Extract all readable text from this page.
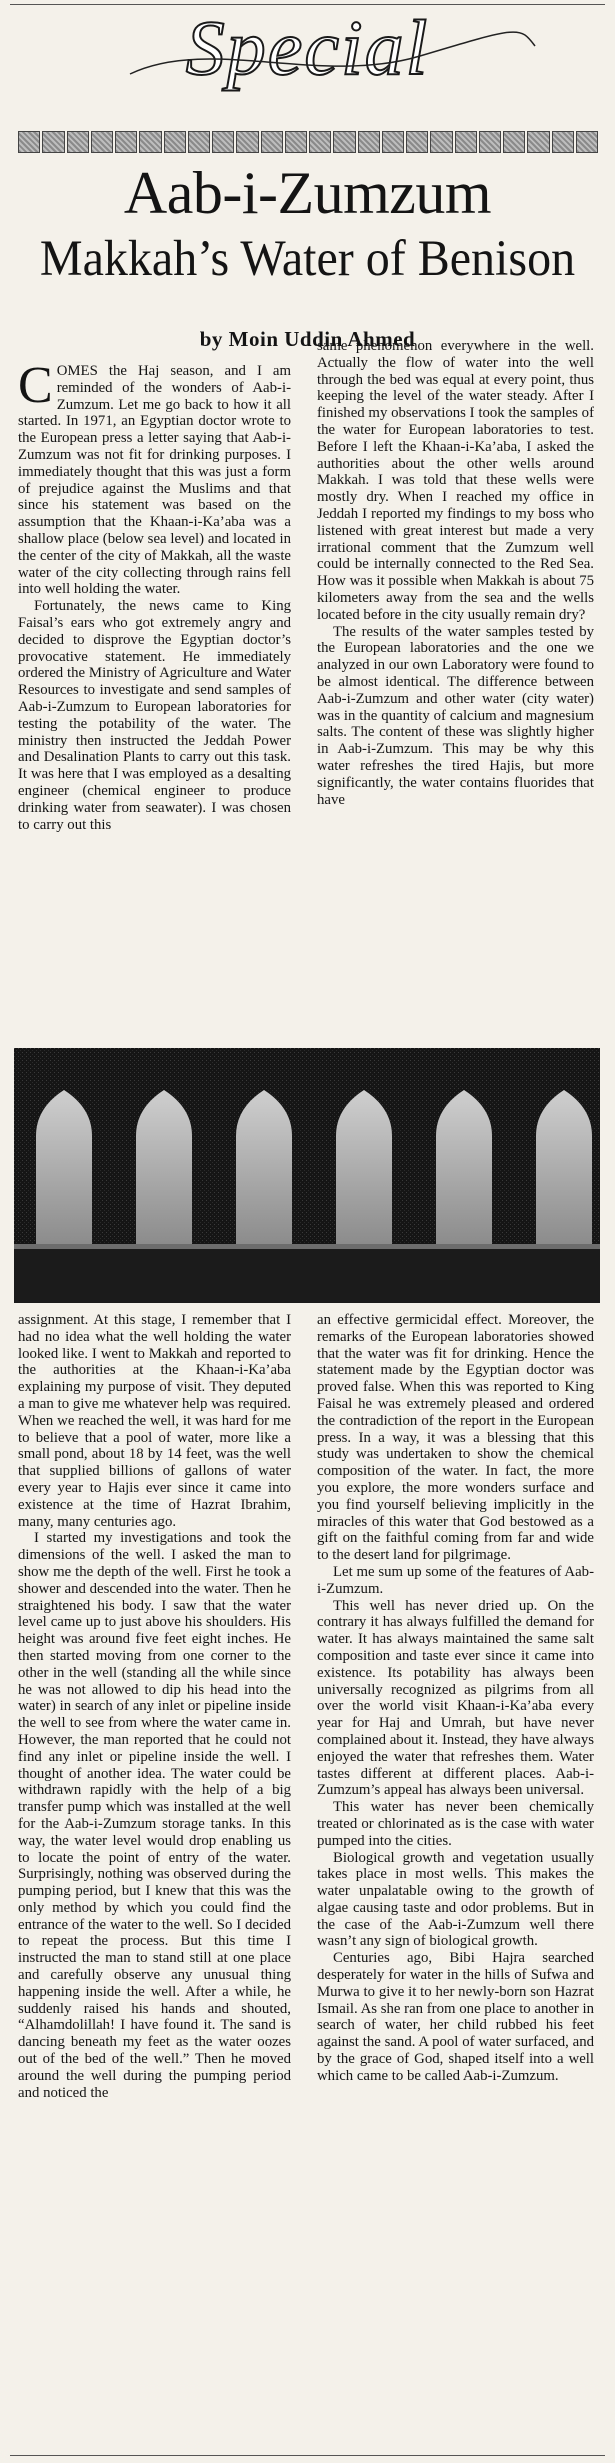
Special
Aab-i-Zumzum
Makkah’s Water of Benison
by Moin Uddin Ahmed

COMES the Haj season, and I am reminded of the wonders of Aab-i-Zumzum. Let me go back to how it all started. In 1971, an Egyptian doctor wrote to the European press a letter saying that Aab-i-Zumzum was not fit for drinking purposes. I immediately thought that this was just a form of prejudice against the Muslims and that since his statement was based on the assumption that the Khaan-i-Ka’aba was a shallow place (below sea level) and located in the center of the city of Makkah, all the waste water of the city collecting through rains fell into well holding the water.

Fortunately, the news came to King Faisal’s ears who got extremely angry and decided to disprove the Egyptian doctor’s provocative statement. He immediately ordered the Ministry of Agriculture and Water Resources to investigate and send samples of Aab-i-Zumzum to European laboratories for testing the potability of the water. The ministry then instructed the Jeddah Power and Desalination Plants to carry out this task. It was here that I was employed as a desalting engineer (chemical engineer to produce drinking water from seawater). I was chosen to carry out this

same phenomenon everywhere in the well. Actually the flow of water into the well through the bed was equal at every point, thus keeping the level of the water steady. After I finished my observations I took the samples of the water for European laboratories to test. Before I left the Khaan-i-Ka’aba, I asked the authorities about the other wells around Makkah. I was told that these wells were mostly dry. When I reached my office in Jeddah I reported my findings to my boss who listened with great interest but made a very irrational comment that the Zumzum well could be internally connected to the Red Sea. How was it possible when Makkah is about 75 kilometers away from the sea and the wells located before in the city usually remain dry?

The results of the water samples tested by the European laboratories and the one we analyzed in our own Laboratory were found to be almost identical. The difference between Aab-i-Zumzum and other water (city water) was in the quantity of calcium and magnesium salts. The content of these was slightly higher in Aab-i-Zumzum. This may be why this water refreshes the tired Hajis, but more significantly, the water contains fluorides that have

assignment. At this stage, I remember that I had no idea what the well holding the water looked like. I went to Makkah and reported to the authorities at the Khaan-i-Ka’aba explaining my purpose of visit. They deputed a man to give me whatever help was required. When we reached the well, it was hard for me to believe that a pool of water, more like a small pond, about 18 by 14 feet, was the well that supplied billions of gallons of water every year to Hajis ever since it came into existence at the time of Hazrat Ibrahim, many, many centuries ago.

I started my investigations and took the dimensions of the well. I asked the man to show me the depth of the well. First he took a shower and descended into the water. Then he straightened his body. I saw that the water level came up to just above his shoulders. His height was around five feet eight inches. He then started moving from one corner to the other in the well (standing all the while since he was not allowed to dip his head into the water) in search of any inlet or pipeline inside the well to see from where the water came in. However, the man reported that he could not find any inlet or pipeline inside the well. I thought of another idea. The water could be withdrawn rapidly with the help of a big transfer pump which was installed at the well for the Aab-i-Zumzum storage tanks. In this way, the water level would drop enabling us to locate the point of entry of the water. Surprisingly, nothing was observed during the pumping period, but I knew that this was the only method by which you could find the entrance of the water to the well. So I decided to repeat the process. But this time I instructed the man to stand still at one place and carefully observe any unusual thing happening inside the well. After a while, he suddenly raised his hands and shouted, “Alhamdolillah! I have found it. The sand is dancing beneath my feet as the water oozes out of the bed of the well.” Then he moved around the well during the pumping period and noticed the

an effective germicidal effect. Moreover, the remarks of the European laboratories showed that the water was fit for drinking. Hence the statement made by the Egyptian doctor was proved false. When this was reported to King Faisal he was extremely pleased and ordered the contradiction of the report in the European press. In a way, it was a blessing that this study was undertaken to show the chemical composition of the water. In fact, the more you explore, the more wonders surface and you find yourself believing implicitly in the miracles of this water that God bestowed as a gift on the faithful coming from far and wide to the desert land for pilgrimage.

Let me sum up some of the features of Aab-i-Zumzum.

This well has never dried up. On the contrary it has always fulfilled the demand for water. It has always maintained the same salt composition and taste ever since it came into existence. Its potability has always been universally recognized as pilgrims from all over the world visit Khaan-i-Ka’aba every year for Haj and Umrah, but have never complained about it. Instead, they have always enjoyed the water that refreshes them. Water tastes different at different places. Aab-i-Zumzum’s appeal has always been universal.

This water has never been chemically treated or chlorinated as is the case with water pumped into the cities.

Biological growth and vegetation usually takes place in most wells. This makes the water unpalatable owing to the growth of algae causing taste and odor problems. But in the case of the Aab-i-Zumzum well there wasn’t any sign of biological growth.

Centuries ago, Bibi Hajra searched desperately for water in the hills of Sufwa and Murwa to give it to her newly-born son Hazrat Ismail. As she ran from one place to another in search of water, her child rubbed his feet against the sand. A pool of water surfaced, and by the grace of God, shaped itself into a well which came to be called Aab-i-Zumzum.
